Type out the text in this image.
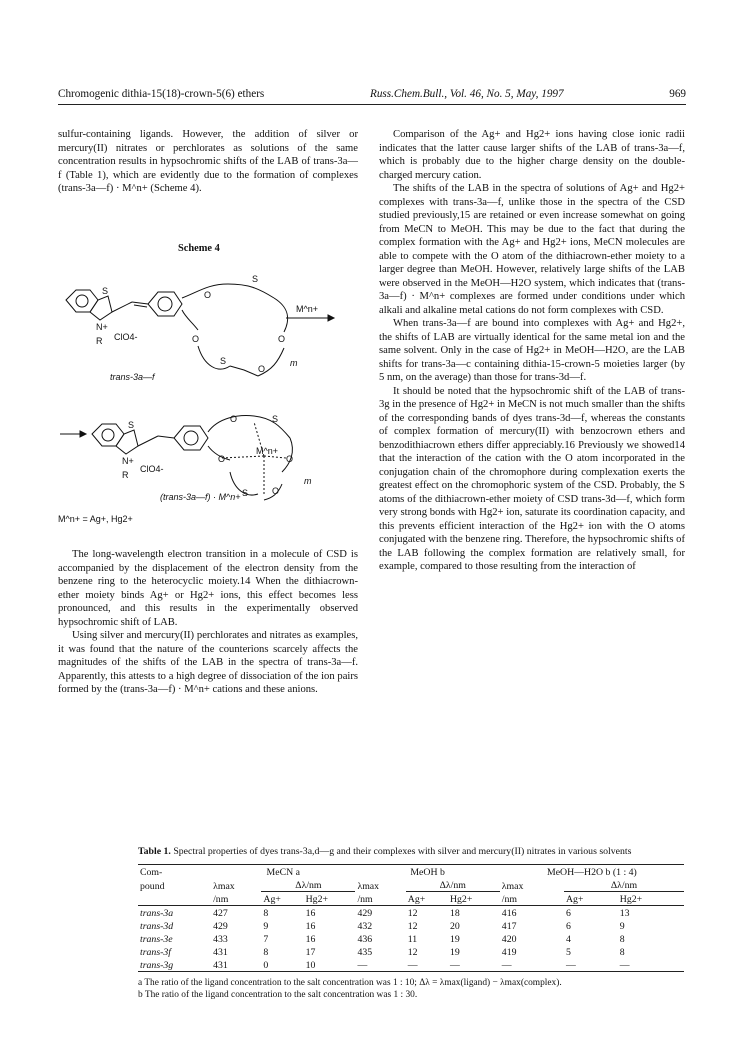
Chromogenic dithia-15(18)-crown-5(6) ethers	Russ.Chem.Bull., Vol. 46, No. 5, May, 1997	969

sulfur-containing ligands. However, the addition of silver or mercury(II) nitrates or perchlorates as solutions of the same concentration results in hypsochromic shifts of the LAB of trans-3a—f (Table 1), which are evidently due to the formation of complexes (trans-3a—f) · M^n+ (Scheme 4).

Scheme 4
S
N+
R ClO4-
O
S
O	O
S
O
m
trans-3a—f
M^n+
S
N+
R
ClO4-
O	S
O
M^n+
O
S	O
m
(trans-3a—f) · M^n+
M^n+ = Ag+, Hg2+

The long-wavelength electron transition in a molecule of CSD is accompanied by the displacement of the electron density from the benzene ring to the heterocyclic moiety.14 When the dithiacrown-ether moiety binds Ag+ or Hg2+ ions, this effect becomes less pronounced, and this results in the experimentally observed hypsochromic shift of LAB.

Using silver and mercury(II) perchlorates and nitrates as examples, it was found that the nature of the counterions scarcely affects the magnitudes of the shifts of the LAB in the spectra of trans-3a—f. Apparently, this attests to a high degree of dissociation of the ion pairs formed by the (trans-3a—f) · M^n+ cations and these anions.

Comparison of the Ag+ and Hg2+ ions having close ionic radii indicates that the latter cause larger shifts of the LAB of trans-3a—f, which is probably due to the higher charge density on the double-charged mercury cation.

The shifts of the LAB in the spectra of solutions of Ag+ and Hg2+ complexes with trans-3a—f, unlike those in the spectra of the CSD studied previously,15 are retained or even increase somewhat on going from MeCN to MeOH. This may be due to the fact that during the complex formation with the Ag+ and Hg2+ ions, MeCN molecules are able to compete with the O atom of the dithiacrown-ether moiety to a larger degree than MeOH. However, relatively large shifts of the LAB were observed in the MeOH—H2O system, which indicates that (trans-3a—f) · M^n+ complexes are formed under conditions under which alkali and alkaline metal cations do not form complexes with CSD.

When trans-3a—f are bound into complexes with Ag+ and Hg2+, the shifts of LAB are virtually identical for the same metal ion and the same solvent. Only in the case of Hg2+ in MeOH—H2O, are the LAB shifts for trans-3a—c containing dithia-15-crown-5 moieties larger (by 5 nm, on the average) than those for trans-3d—f.

It should be noted that the hypsochromic shift of the LAB of trans-3g in the presence of Hg2+ in MeCN is not much smaller than the shifts of the corresponding bands of dyes trans-3d—f, whereas the constants of complex formation of mercury(II) with benzocrown ethers and benzodithiacrown ethers differ appreciably.16 Previously we showed14 that the interaction of the cation with the O atom incorporated in the conjugation chain of the chromophore during complexation exerts the greatest effect on the chromophoric system of the CSD. Probably, the S atoms of the dithiacrown-ether moiety of CSD trans-3d—f, which form very strong bonds with Hg2+ ion, saturate its coordination capacity, and this prevents efficient interaction of the Hg2+ ion with the O atoms conjugated with the benzene ring. Therefore, the hypsochromic shifts of the LAB following the complex formation are relatively small, for example, compared to those resulting from the interaction of

Table 1. Spectral properties of dyes trans-3a,d—g and their complexes with silver and mercury(II) nitrates in various solvents
Com-	MeCN a			MeOH b			MeOH—H2O b (1 : 4)		
pound	λmax	Δλ/nm		λmax	Δλ/nm		λmax	Δλ/nm	
	/nm	Ag+	Hg2+	/nm	Ag+	Hg2+	/nm	Ag+	Hg2+
trans-3a	427	8	16	429	12	18	416	6	13
trans-3d	429	9	16	432	12	20	417	6	9
trans-3e	433	7	16	436	11	19	420	4	8
trans-3f	431	8	17	435	12	19	419	5	8
trans-3g	431	0	10	—	—	—	—	—	—
a The ratio of the ligand concentration to the salt concentration was 1 : 10; Δλ = λmax(ligand) − λmax(complex).
b The ratio of the ligand concentration to the salt concentration was 1 : 30.
